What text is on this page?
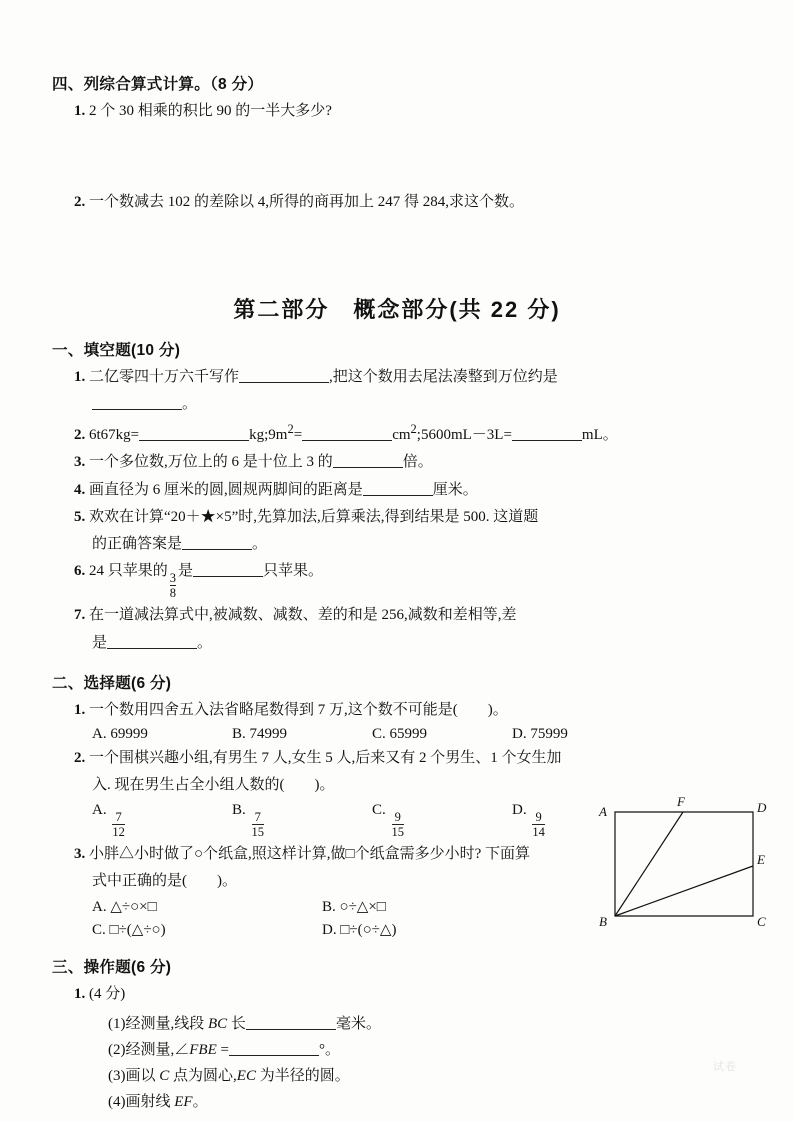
四、列综合算式计算。（8 分）
1. 2 个 30 相乘的积比 90 的一半大多少?
2. 一个数减去 102 的差除以 4,所得的商再加上 247 得 284,求这个数。
第二部分　概念部分(共 22 分)
一、填空题(10 分)
1. 二亿零四十万六千写作	,把这个数用去尾法凑整到万位约是
。
2. 6t67kg=	$kg;9m^2=$	$cm^2;5600mL-3L=$	mL。
3. 一个多位数,万位上的 6 是十位上 3 的	倍。
4. 画直径为 6 厘米的圆,圆规两脚间的距离是	厘米。
5. 欢欢在计算“20＋★×5”时,先算加法,后算乘法,得到结果是 500. 这道题
的正确答案是	。
6. 24 只苹果的
$\frac{3}{8}$
是	只苹果。
7. 在一道减法算式中,被减数、减数、差的和是 256,减数和差相等,差
是	。
二、选择题(6 分)
1. 一个数用四舍五入法省略尾数得到 7 万,这个数不可能是(　　)。
A. 69999	B. 74999	C. 65999	D. 75999
2. 一个围棋兴趣小组,有男生 7 人,女生 5 人,后来又有 2 个男生、1 个女生加
入. 现在男生占全小组人数的(　　)。
A.
$\frac{7}{12}$
B.
$\frac{7}{15}$
C.
$\frac{9}{15}$
D.
$\frac{9}{14}$
3. 小胖△小时做了○个纸盒,照这样计算,做□个纸盒需多少小时? 下面算
式中正确的是(　　)。
A. △÷○×□	B. ○÷△×□
C. □÷(△÷○)	D. □÷(○÷△)
三、操作题(6 分)
1. (4 分)
(1)经测量,线段 BC 长	毫米。
(2)经测量,∠FBE =	°。
(3)画以 C 点为圆心,EC 为半径的圆。
(4)画射线 EF。
A
F	D
E
B	C
试卷
